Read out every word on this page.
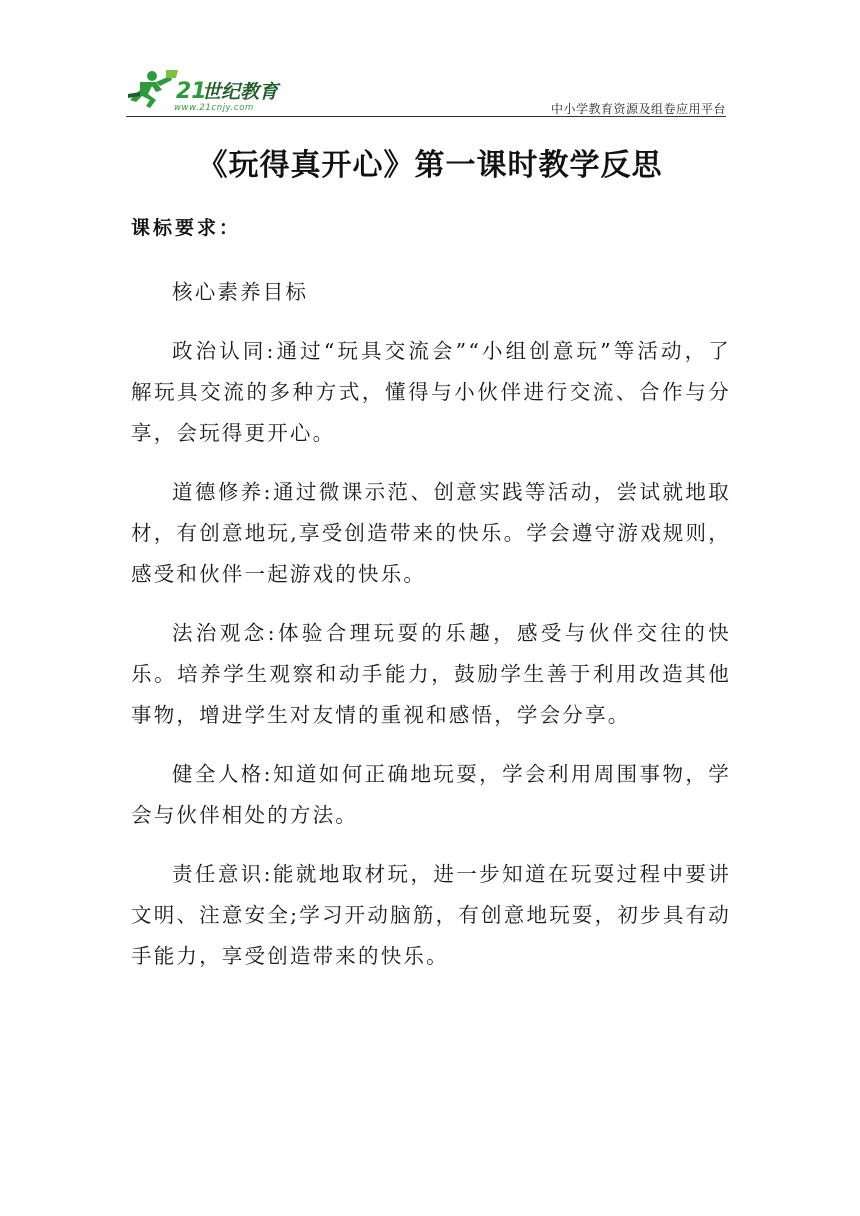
21
世纪教育
www.21cnjy.com	中小学教育资源及组卷应用平台
《玩得真开心》第一课时教学反思
课标要求：

核心素养目标

政治认同:通过“玩具交流会”“小组创意玩”等活动，了解玩具交流的多种方式，懂得与小伙伴进行交流、合作与分享，会玩得更开心。

道德修养:通过微课示范、创意实践等活动，尝试就地取材，有创意地玩,享受创造带来的快乐。学会遵守游戏规则，感受和伙伴一起游戏的快乐。

法治观念:体验合理玩耍的乐趣，感受与伙伴交往的快乐。培养学生观察和动手能力，鼓励学生善于利用改造其他事物，增进学生对友情的重视和感悟，学会分享。

健全人格:知道如何正确地玩耍，学会利用周围事物，学会与伙伴相处的方法。

责任意识:能就地取材玩，进一步知道在玩耍过程中要讲文明、注意安全;学习开动脑筋，有创意地玩耍，初步具有动手能力，享受创造带来的快乐。
